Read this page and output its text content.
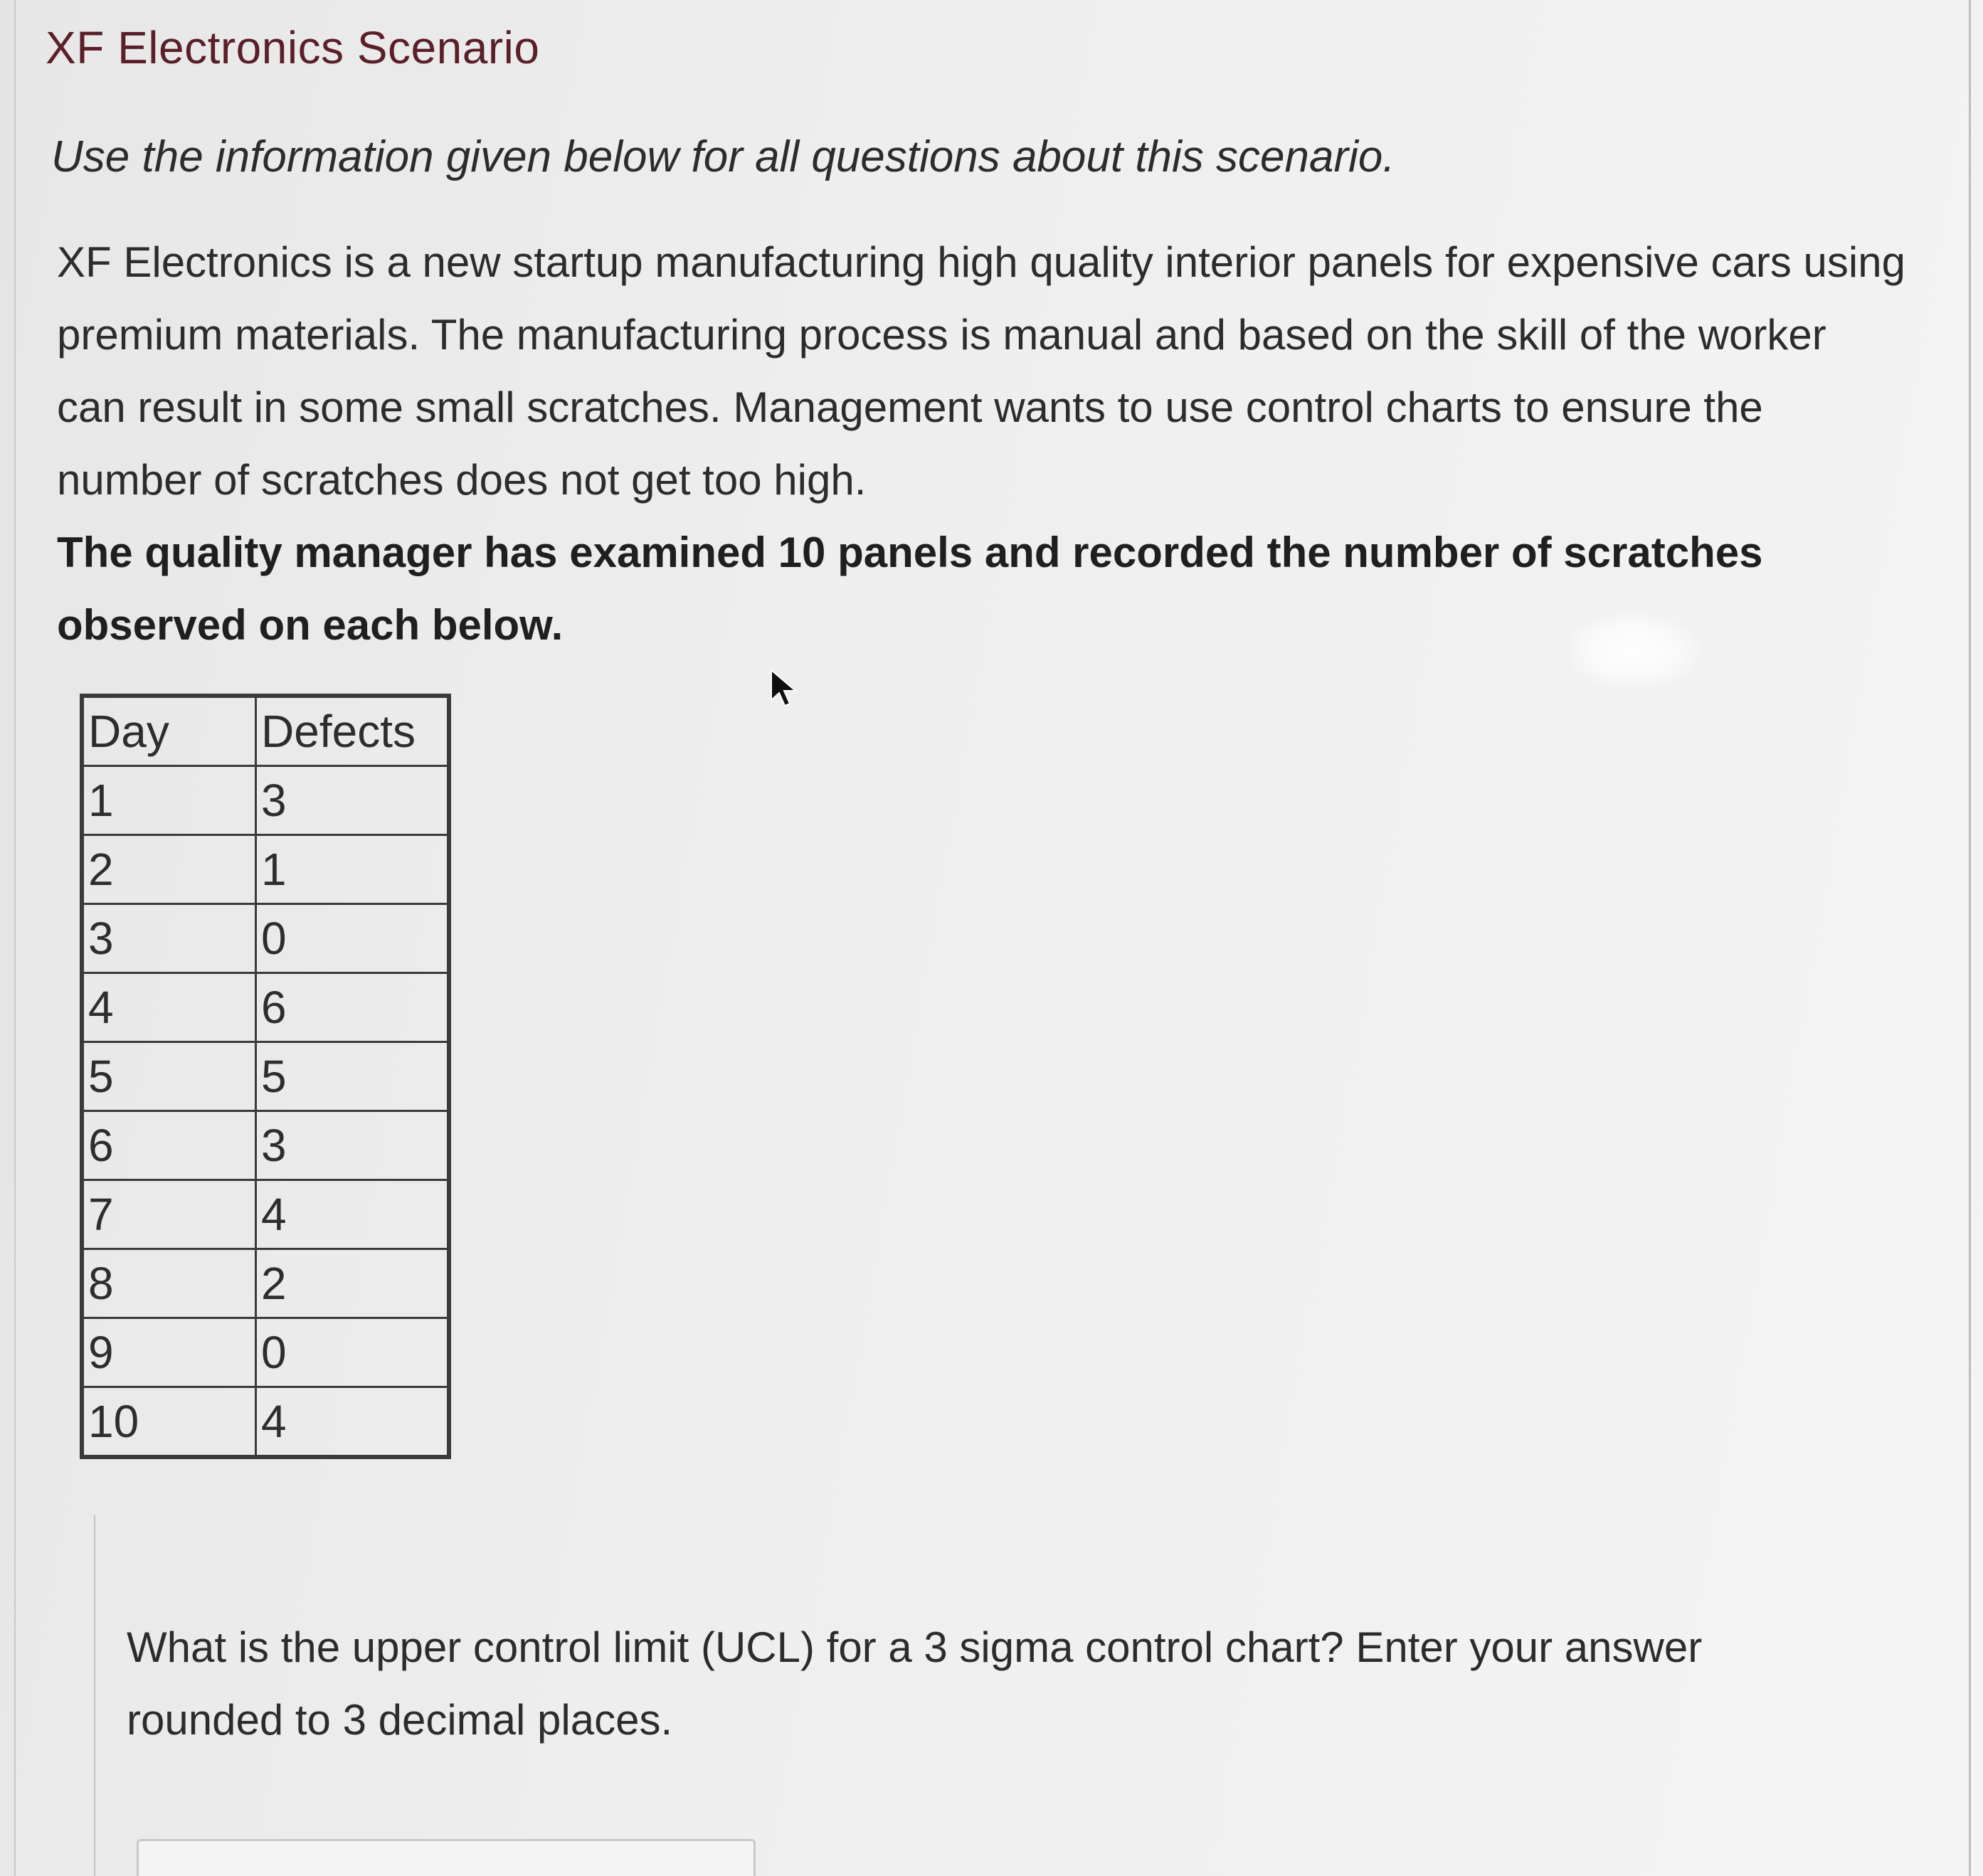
XF Electronics Scenario

Use the information given below for all questions about this scenario.

XF Electronics is a new startup manufacturing high quality interior panels for expensive cars using premium materials. The manufacturing process is manual and based on the skill of the worker can result in some small scratches. Management wants to use control charts to ensure the number of scratches does not get too high.
The quality manager has examined 10 panels and recorded the number of scratches observed on each below.
Day	Defects
1	3
2	1
3	0
4	6
5	5
6	3
7	4
8	2
9	0
10	4

What is the upper control limit (UCL) for a 3 sigma control chart? Enter your answer rounded to 3 decimal places.
